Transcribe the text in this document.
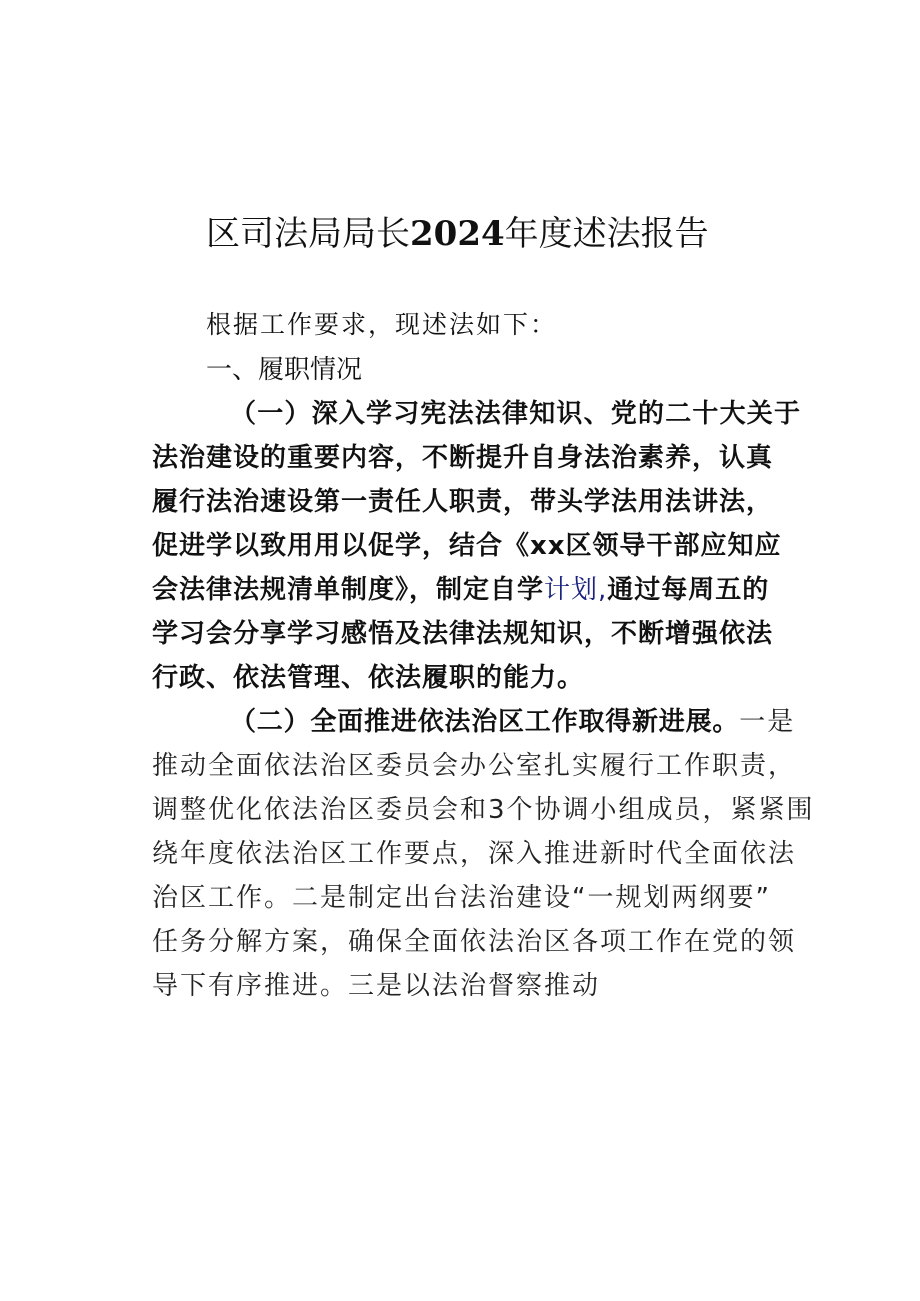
区司法局局长2024年度述法报告
根据工作要求，现述法如下：
一、履职情况
（一）深入学习宪法法律知识、党的二十大关于
法治建设的重要内容，不断提升自身法治素养，认真
履行法治速设第一责任人职责，带头学法用法讲法，
促进学以致用用以促学，结合《xx区领导干部应知应
会法律法规清单制度》，制定自学计划,通过每周五的
学习会分享学习感悟及法律法规知识，不断增强依法
行政、依法管理、依法履职的能力。
（二）全面推进依法治区工作取得新进展。一是
推动全面依法治区委员会办公室扎实履行工作职责，
调整优化依法治区委员会和3个协调小组成员，紧紧围
绕年度依法治区工作要点，深入推进新时代全面依法
治区工作。二是制定出台法治建设“一规划两纲要”
任务分解方案，确保全面依法治区各项工作在党的领
导下有序推进。三是以法治督察推动
